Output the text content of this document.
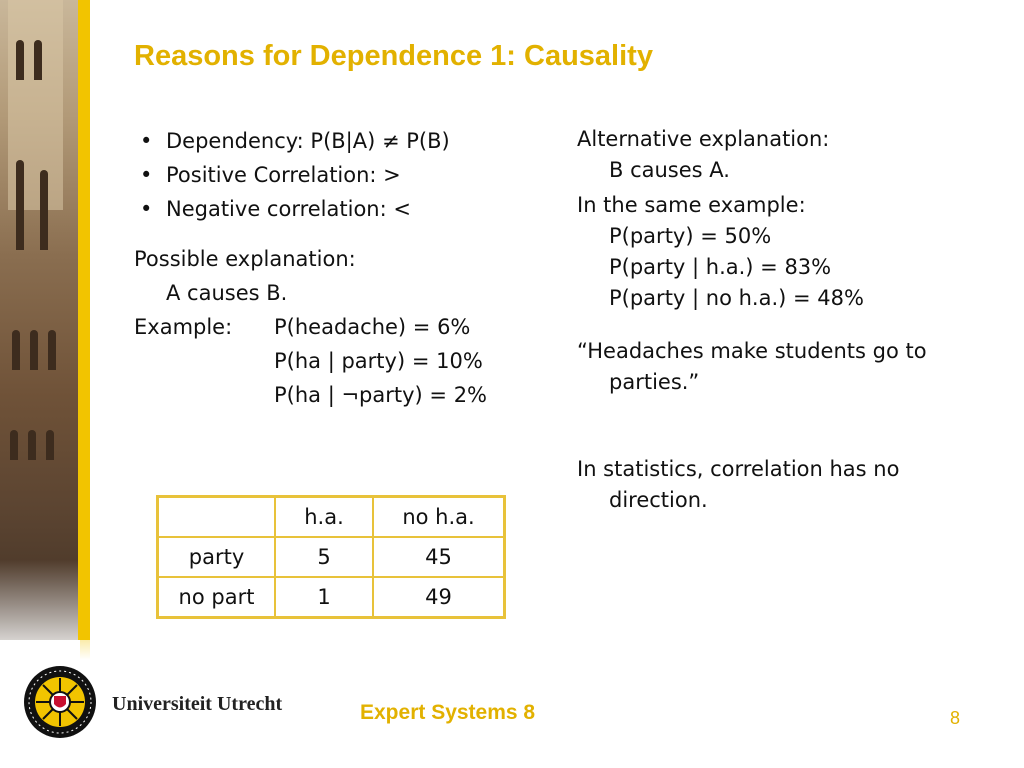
Reasons for Dependence 1: Causality
• Dependency: P(B|A) ≠ P(B)
• Positive Correlation: >
• Negative correlation: <
Possible explanation:
A causes B.
Example:	P(headache) = 6%
P(ha | party) = 10%
P(ha | ¬party) = 2%
	h.a.	no h.a.
party	5	45
no part	1	49
Alternative explanation:
B causes A.
In the same example:
P(party) = 50%
P(party | h.a.) = 83%
P(party | no h.a.) = 48%
“Headaches make students go to parties.”
In statistics, correlation has no direction.
Universiteit Utrecht	Expert Systems 8	8
